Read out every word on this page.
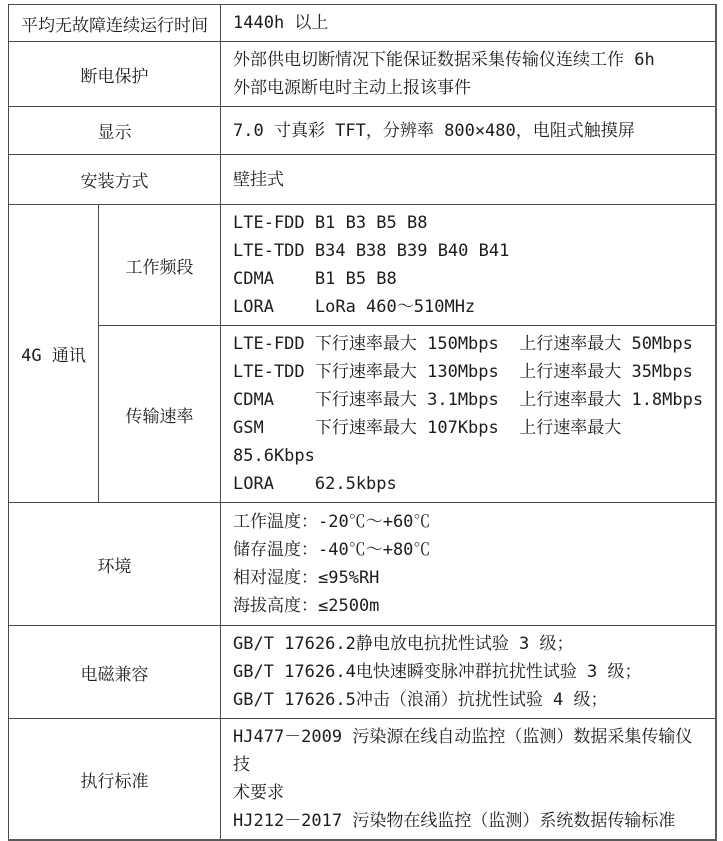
平均无故障连续运行时间		1440h 以上

断电保护		外部供电切断情况下能保证数据采集传输仪连续工作 6h
外部电源断电时主动上报该事件

显示		7.0 寸真彩 TFT，分辨率 800×480，电阻式触摸屏

安装方式		壁挂式

4G 通讯	工作频段	LTE-FDD B1 B3 B5 B8
LTE-TDD B34 B38 B39 B40 B41
CDMA    B1 B5 B8
LORA    LoRa 460～510MHz

	传输速率	LTE-FDD 下行速率最大 150Mbps  上行速率最大 50Mbps
LTE-TDD 下行速率最大 130Mbps  上行速率最大 35Mbps
CDMA    下行速率最大 3.1Mbps  上行速率最大 1.8Mbps
GSM     下行速率最大 107Kbps  上行速率最大 85.6Kbps
LORA    62.5kbps

环境		工作温度：-20℃～+60℃
储存温度：-40℃～+80℃
相对湿度：≤95%RH
海拔高度：≤2500m

电磁兼容		GB/T 17626.2静电放电抗扰性试验 3 级；
GB/T 17626.4电快速瞬变脉冲群抗扰性试验 3 级；
GB/T 17626.5冲击（浪涌）抗扰性试验 4 级；

执行标准		HJ477－2009 污染源在线自动监控（监测）数据采集传输仪技
术要求
HJ212－2017 污染物在线监控（监测）系统数据传输标准
